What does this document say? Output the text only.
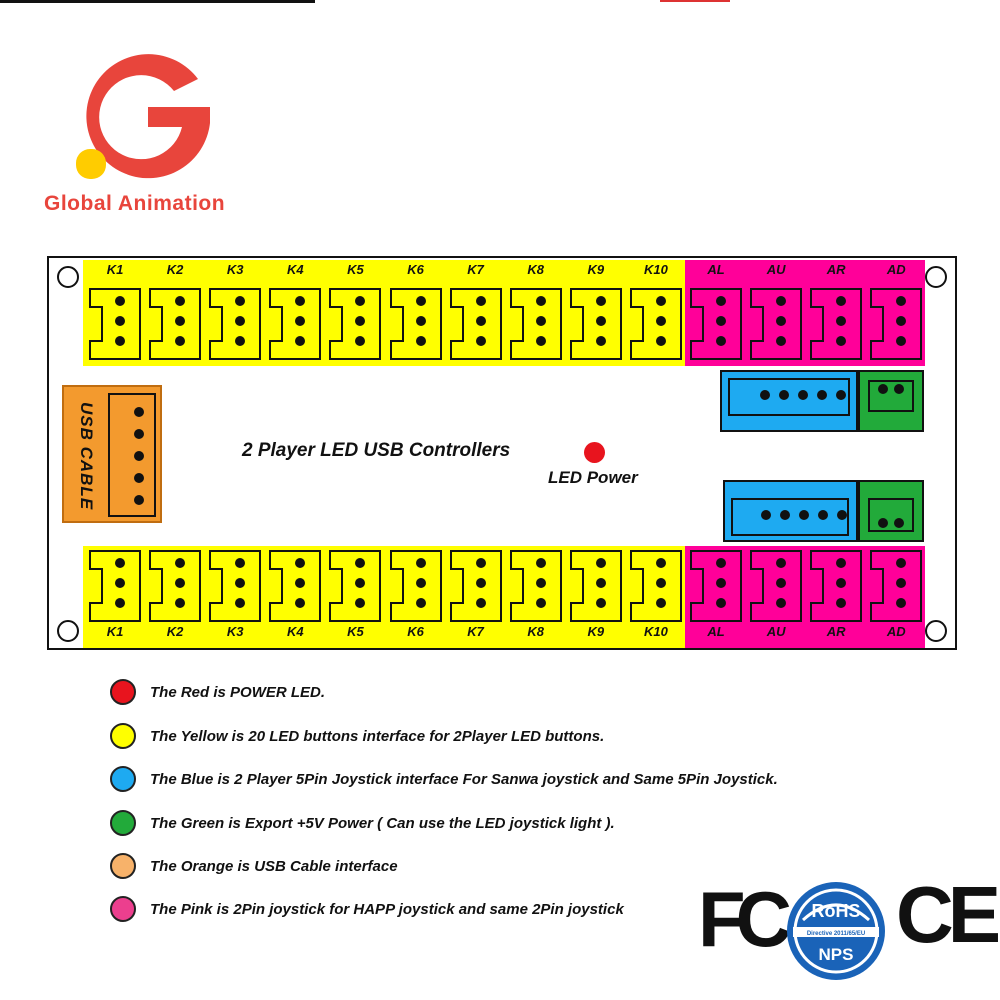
Global Animation
K1
K1
K2
K2
K3
K3
K4
K4
K5
K5
K6
K6
K7
K7
K8
K8
K9
K9
K10
K10
AL
AL
AU
AU
AR
AR
AD
AD
USB CABLE	2 Player LED USB Controllers
LED Power
The Red is POWER LED.
The Yellow is 20 LED buttons interface for 2Player LED buttons.
The Blue is 2 Player 5Pin Joystick interface For Sanwa joystick and Same 5Pin Joystick.
The Green is Export +5V Power ( Can use the LED joystick light ).
The Orange is USB Cable interface
The Pink is 2Pin joystick for HAPP joystick and same 2Pin joystick FC RoHS
Directive 2011/65/EU
NPS CE
